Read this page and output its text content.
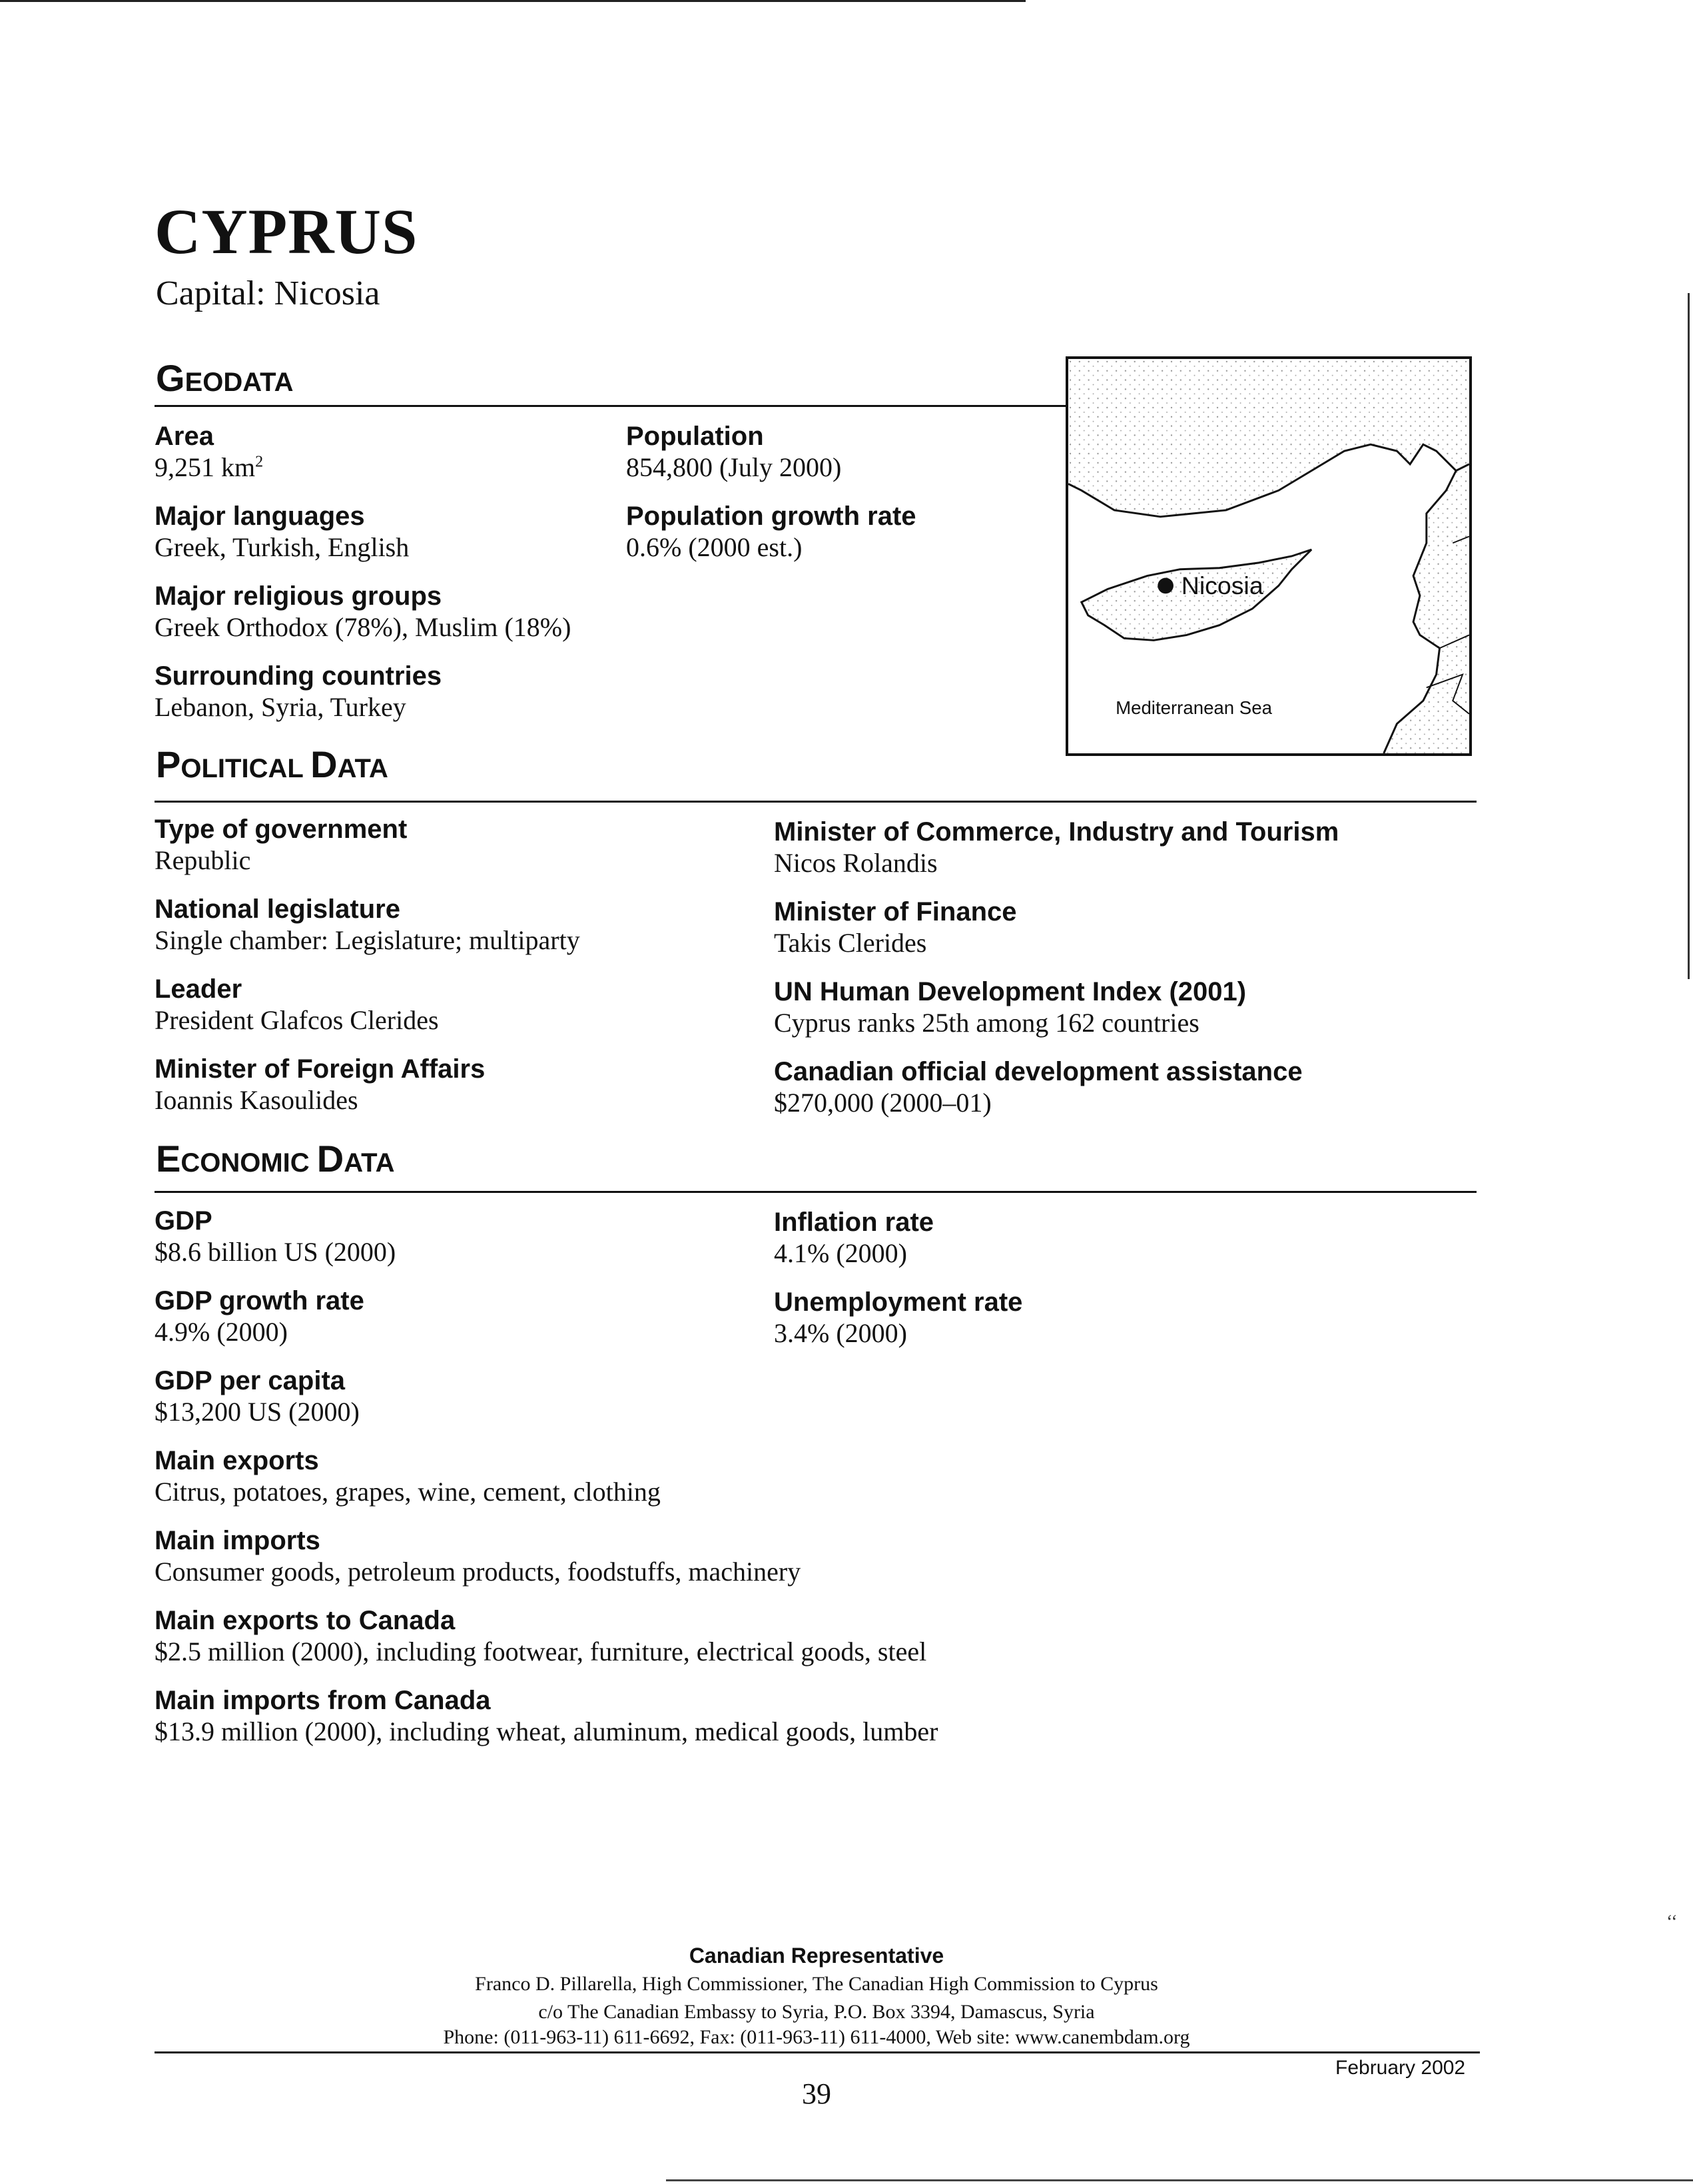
CYPRUS
Capital: Nicosia
GEODATA
Area
9,251 $km^2$
Population
854,800 (July 2000)
Major languages
Greek, Turkish, English
Population growth rate
0.6% (2000 est.)
Major religious groups
Greek Orthodox (78%), Muslim (18%)
Surrounding countries
Lebanon, Syria, Turkey
Nicosia
Mediterranean Sea
POLITICAL DATA
Type of government
Republic
National legislature
Single chamber: Legislature; multiparty
Leader
President Glafcos Clerides
Minister of Foreign Affairs
Ioannis Kasoulides
Minister of Commerce, Industry and Tourism
Nicos Rolandis
Minister of Finance
Takis Clerides
UN Human Development Index (2001)
Cyprus ranks 25th among 162 countries
Canadian official development assistance
$270,000 (2000–01)
ECONOMIC DATA
GDP
$8.6 billion US (2000)
GDP growth rate
4.9% (2000)
GDP per capita
$13,200 US (2000)
Inflation rate
4.1% (2000)
Unemployment rate
3.4% (2000)
Main exports
Citrus, potatoes, grapes, wine, cement, clothing
Main imports
Consumer goods, petroleum products, foodstuffs, machinery
Main exports to Canada
$2.5 million (2000), including footwear, furniture, electrical goods, steel
Main imports from Canada
$13.9 million (2000), including wheat, aluminum, medical goods, lumber
Canadian Representative
Franco D. Pillarella, High Commissioner, The Canadian High Commission to Cyprus
c/o The Canadian Embassy to Syria, P.O. Box 3394, Damascus, Syria
Phone: (011-963-11) 611-6692, Fax: (011-963-11) 611-4000, Web site: www.canembdam.org
February 2002
39
‘‘
